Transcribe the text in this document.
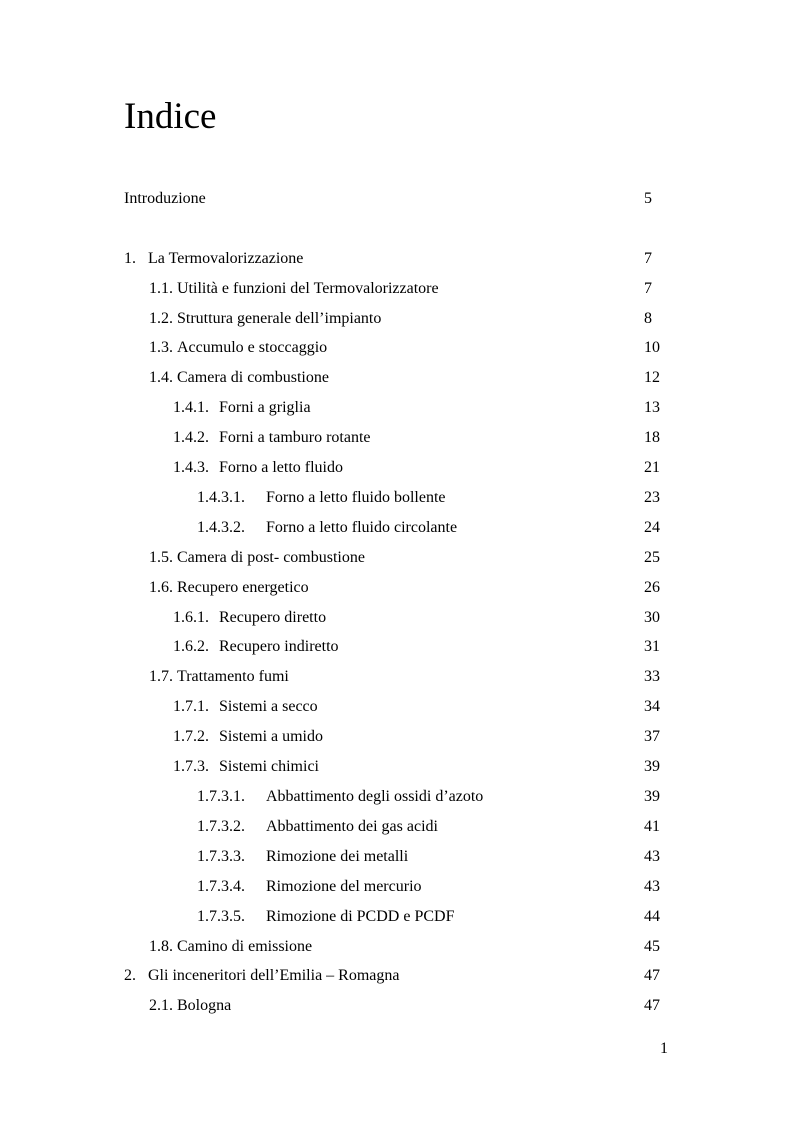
Indice
Introduzione	5
1. La Termovalorizzazione	7
1.1. Utilità e funzioni del Termovalorizzatore	7
1.2. Struttura generale dell’impianto	8
1.3. Accumulo e stoccaggio	10
1.4. Camera di combustione	12
1.4.1. Forni a griglia	13
1.4.2. Forni a tamburo rotante	18
1.4.3. Forno a letto fluido	21
1.4.3.1. Forno a letto fluido bollente	23
1.4.3.2. Forno a letto fluido circolante	24
1.5. Camera di post- combustione	25
1.6. Recupero energetico	26
1.6.1. Recupero diretto	30
1.6.2. Recupero indiretto	31
1.7. Trattamento fumi	33
1.7.1. Sistemi a secco	34
1.7.2. Sistemi a umido	37
1.7.3. Sistemi chimici	39
1.7.3.1. Abbattimento degli ossidi d’azoto	39
1.7.3.2. Abbattimento dei gas acidi	41
1.7.3.3. Rimozione dei metalli	43
1.7.3.4. Rimozione del mercurio	43
1.7.3.5. Rimozione di PCDD e PCDF	44
1.8. Camino di emissione	45
2. Gli inceneritori dell’Emilia – Romagna	47
2.1. Bologna	47
1
